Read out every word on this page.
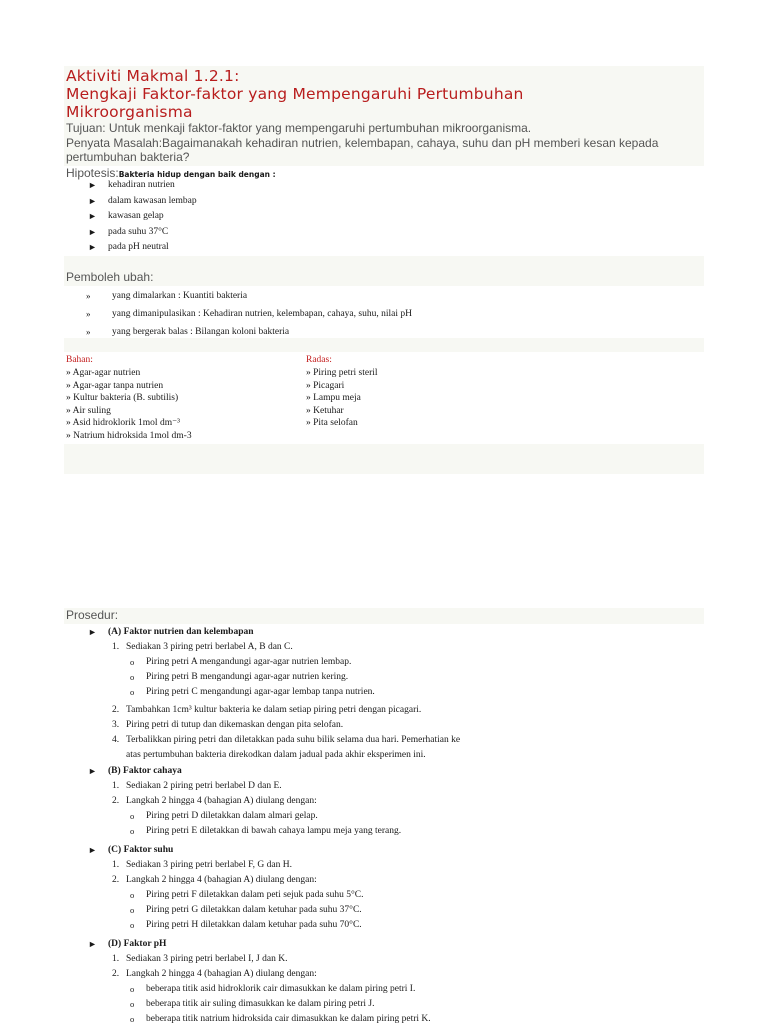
Aktiviti Makmal 1.2.1:
Mengkaji Faktor-faktor yang Mempengaruhi Pertumbuhan
Mikroorganisma
Tujuan: Untuk menkaji faktor-faktor yang mempengaruhi pertumbuhan mikroorganisma.
Penyata Masalah:Bagaimanakah kehadiran nutrien, kelembapan, cahaya, suhu dan pH memberi kesan kepada
pertumbuhan bakteria?
Hipotesis:Bakteria hidup dengan baik dengan :
► kehadiran nutrien
► dalam kawasan lembap
► kawasan gelap
► pada suhu 37°C
► pada pH neutral
Pemboleh ubah:
» yang dimalarkan : Kuantiti bakteria
» yang dimanipulasikan : Kehadiran nutrien, kelembapan, cahaya, suhu, nilai pH
» yang bergerak balas : Bilangan koloni bakteria
Bahan:
» Agar-agar nutrien
» Agar-agar tanpa nutrien
» Kultur bakteria (B. subtilis)
» Air suling
» Asid hidroklorik 1mol dm⁻³
» Natrium hidroksida 1mol dm-3
Radas:
» Piring petri steril
» Picagari
» Lampu meja
» Ketuhar
» Pita selofan
Prosedur:
► (A) Faktor nutrien dan kelembapan
1. Sediakan 3 piring petri berlabel A, B dan C.
o Piring petri A mengandungi agar-agar nutrien lembap.
o Piring petri B mengandungi agar-agar nutrien kering.
o Piring petri C mengandungi agar-agar lembap tanpa nutrien.
2. Tambahkan 1cm³ kultur bakteria ke dalam setiap piring petri dengan picagari.
3. Piring petri di tutup dan dikemaskan dengan pita selofan.
4. Terbalikkan piring petri dan diletakkan pada suhu bilik selama dua hari. Pemerhatian ke
atas pertumbuhan bakteria direkodkan dalam jadual pada akhir eksperimen ini.
► (B) Faktor cahaya
1. Sediakan 2 piring petri berlabel D dan E.
2. Langkah 2 hingga 4 (bahagian A) diulang dengan:
o Piring petri D diletakkan dalam almari gelap.
o Piring petri E diletakkan di bawah cahaya lampu meja yang terang.
► (C) Faktor suhu
1. Sediakan 3 piring petri berlabel F, G dan H.
2. Langkah 2 hingga 4 (bahagian A) diulang dengan:
o Piring petri F diletakkan dalam peti sejuk pada suhu 5°C.
o Piring petri G diletakkan dalam ketuhar pada suhu 37°C.
o Piring petri H diletakkan dalam ketuhar pada suhu 70°C.
► (D) Faktor pH
1. Sediakan 3 piring petri berlabel I, J dan K.
2. Langkah 2 hingga 4 (bahagian A) diulang dengan:
o beberapa titik asid hidroklorik cair dimasukkan ke dalam piring petri I.
o beberapa titik air suling dimasukkan ke dalam piring petri J.
o beberapa titik natrium hidroksida cair dimasukkan ke dalam piring petri K.
